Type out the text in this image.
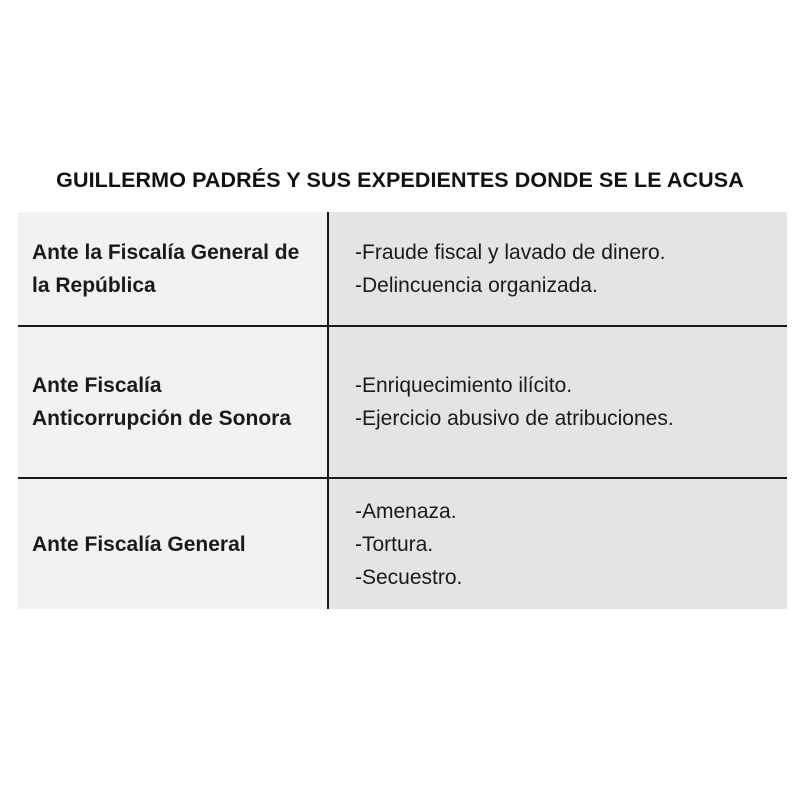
GUILLERMO PADRÉS Y SUS EXPEDIENTES DONDE SE LE ACUSA
Ante la Fiscalía General de la República
-Fraude fiscal y lavado de dinero.
-Delincuencia organizada.
Ante Fiscalía Anticorrupción de Sonora
-Enriquecimiento ilícito.
-Ejercicio abusivo de atribuciones.
Ante Fiscalía General
-Amenaza.
-Tortura.
-Secuestro.
